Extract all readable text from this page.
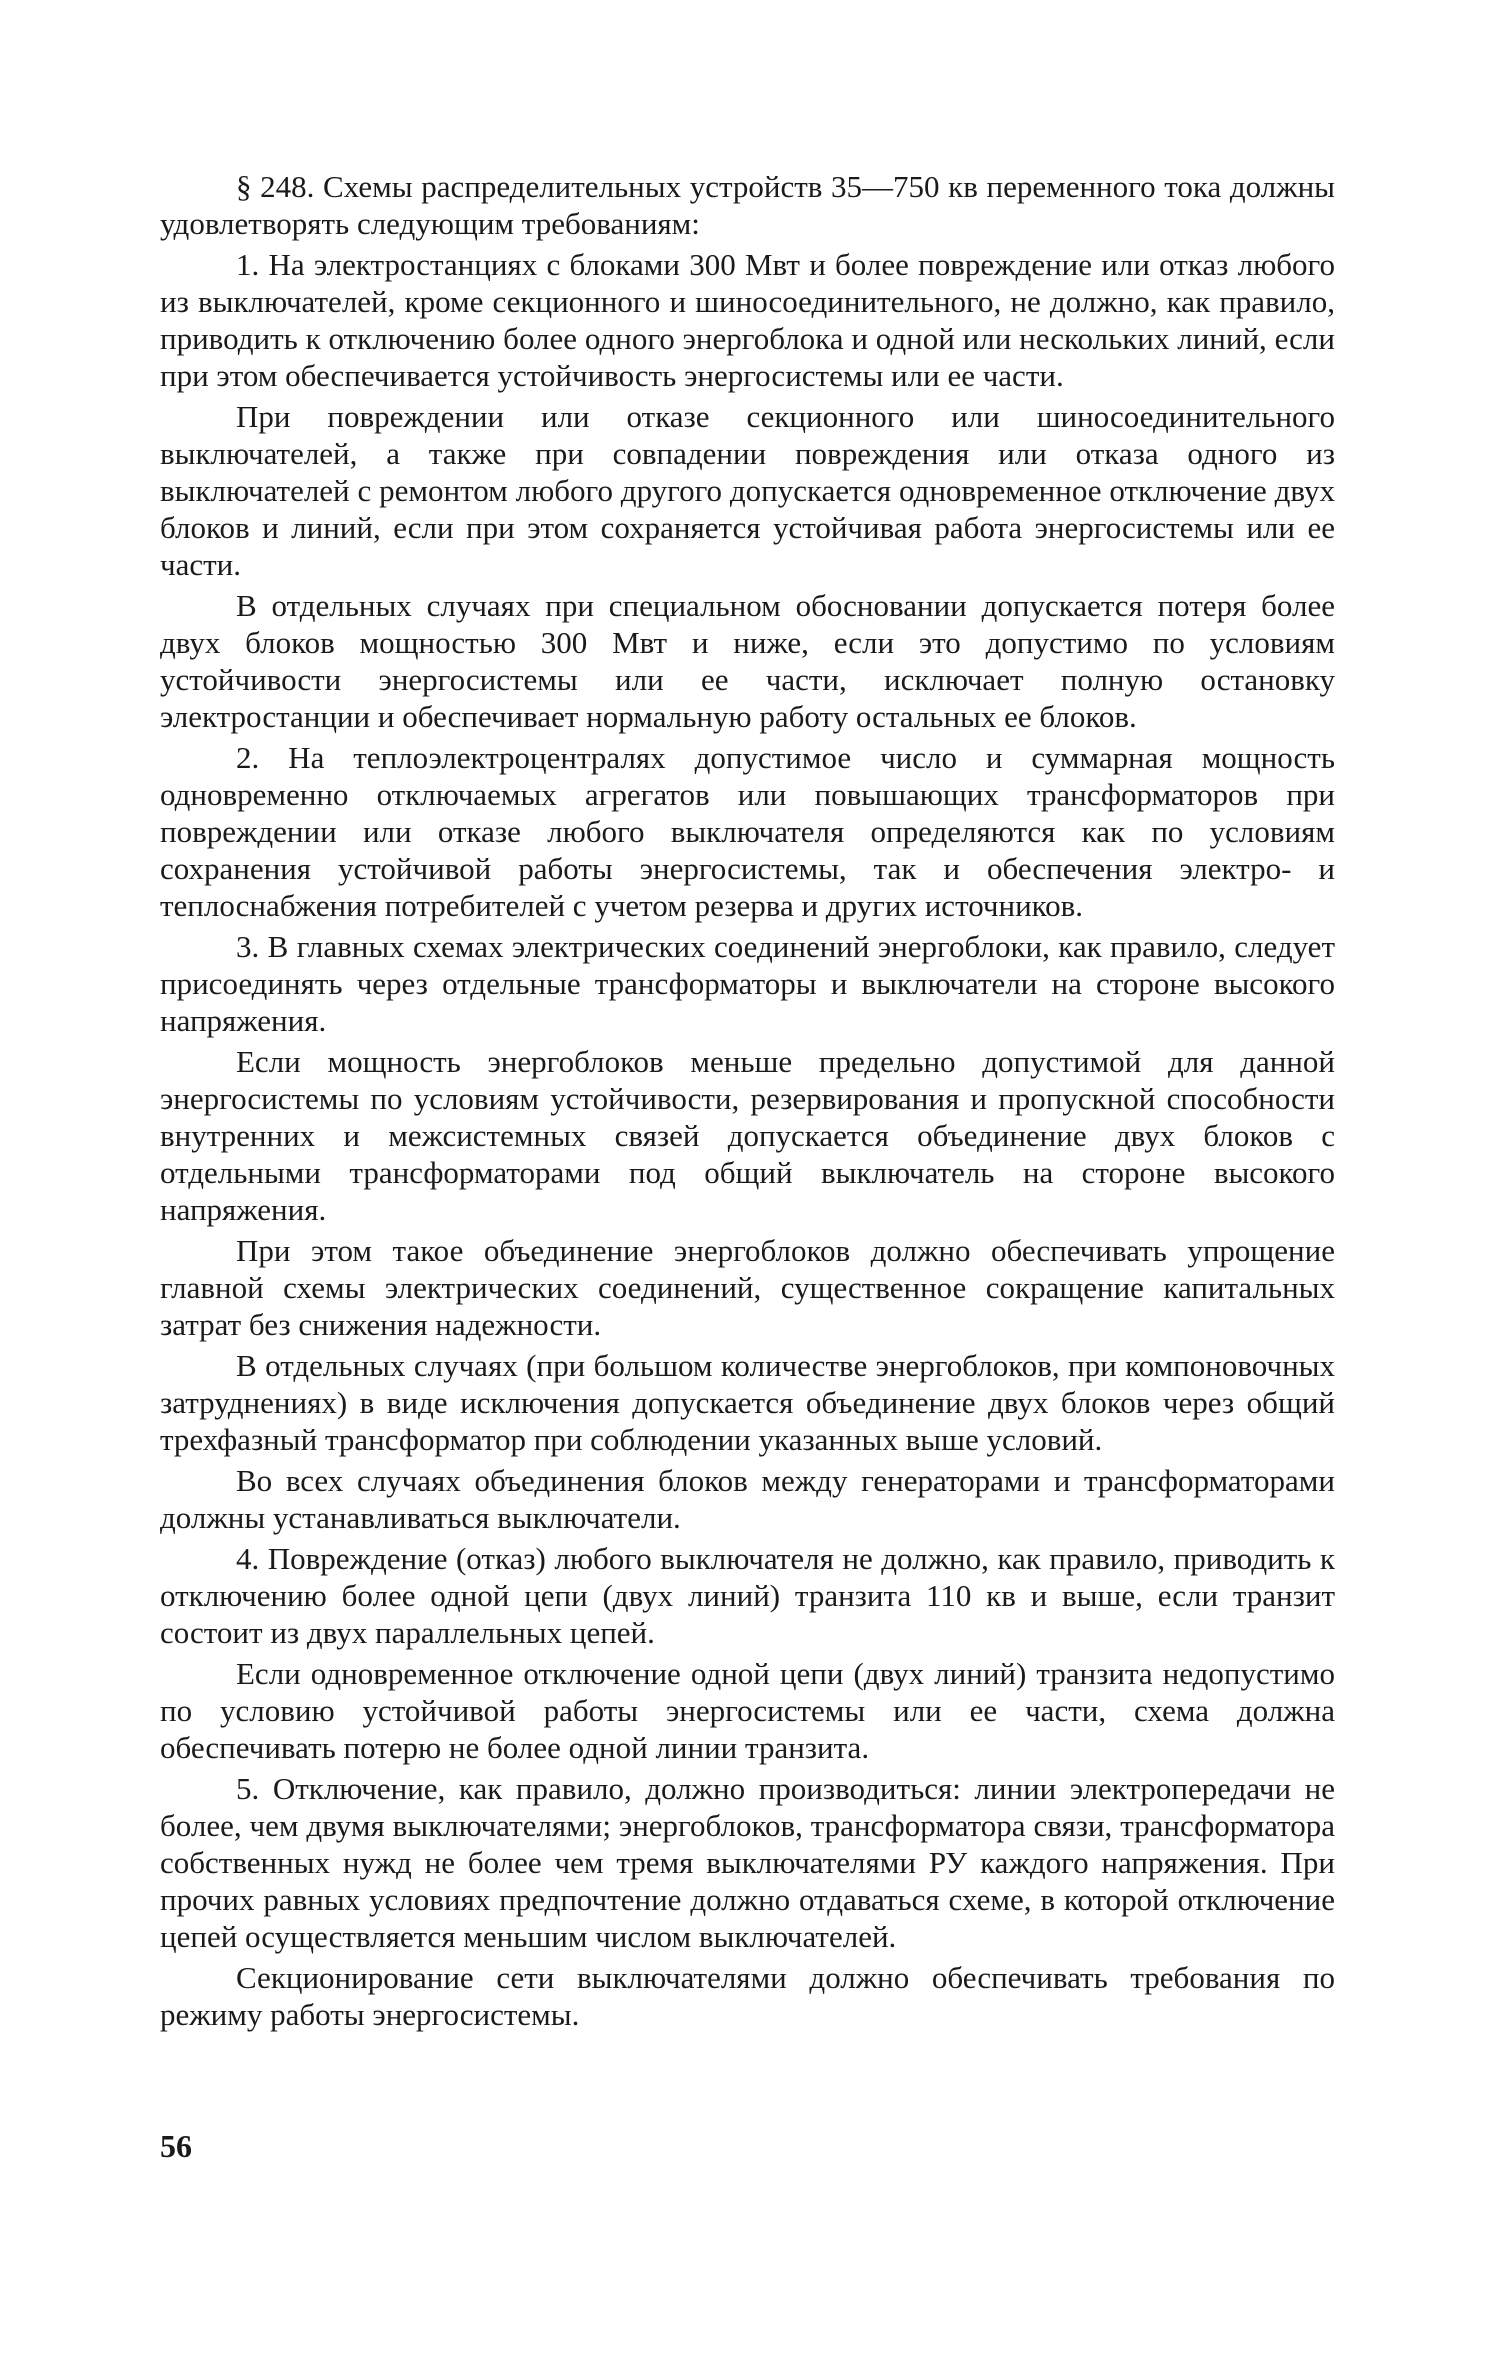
§ 248. Схемы распределительных устройств 35—750 кв переменного тока должны удовлетворять следующим требованиям:

1. На электростанциях с блоками 300 Мвт и более повреждение или отказ любого из выключателей, кроме секционного и шиносоединительного, не должно, как правило, приводить к отключению более одного энергоблока и одной или нескольких линий, если при этом обеспечивается устойчивость энергосистемы или ее части.

При повреждении или отказе секционного или шиносоединительного выключателей, а также при совпадении повреждения или отказа одного из выключателей с ремонтом любого другого допускается одновременное отключение двух блоков и линий, если при этом сохраняется устойчивая работа энергосистемы или ее части.

В отдельных случаях при специальном обосновании допускается потеря более двух блоков мощностью 300 Мвт и ниже, если это допустимо по условиям устойчивости энергосистемы или ее части, исключает полную остановку электростанции и обеспечивает нормальную работу остальных ее блоков.

2. На теплоэлектроцентралях допустимое число и суммарная мощность одновременно отключаемых агрегатов или повышающих трансформаторов при повреждении или отказе любого выключателя определяются как по условиям сохранения устойчивой работы энергосистемы, так и обеспечения электро- и теплоснабжения потребителей с учетом резерва и других источников.

3. В главных схемах электрических соединений энергоблоки, как правило, следует присоединять через отдельные трансформаторы и выключатели на стороне высокого напряжения.

Если мощность энергоблоков меньше предельно допустимой для данной энергосистемы по условиям устойчивости, резервирования и пропускной способности внутренних и межсистемных связей допускается объединение двух блоков с отдельными трансформаторами под общий выключатель на стороне высокого напряжения.

При этом такое объединение энергоблоков должно обеспечивать упрощение главной схемы электрических соединений, существенное сокращение капитальных затрат без снижения надежности.

В отдельных случаях (при большом количестве энергоблоков, при компоновочных затруднениях) в виде исключения допускается объединение двух блоков через общий трехфазный трансформатор при соблюдении указанных выше условий.

Во всех случаях объединения блоков между генераторами и трансформаторами должны устанавливаться выключатели.

4. Повреждение (отказ) любого выключателя не должно, как правило, приводить к отключению более одной цепи (двух линий) транзита 110 кв и выше, если транзит состоит из двух параллельных цепей.

Если одновременное отключение одной цепи (двух линий) транзита недопустимо по условию устойчивой работы энергосистемы или ее части, схема должна обеспечивать потерю не более одной линии транзита.

5. Отключение, как правило, должно производиться: линии электропередачи не более, чем двумя выключателями; энергоблоков, трансформатора связи, трансформатора собственных нужд не более чем тремя выключателями РУ каждого напряжения. При прочих равных условиях предпочтение должно отдаваться схеме, в которой отключение цепей осуществляется меньшим числом выключателей.

Секционирование сети выключателями должно обеспечивать требования по режиму работы энергосистемы.

56
